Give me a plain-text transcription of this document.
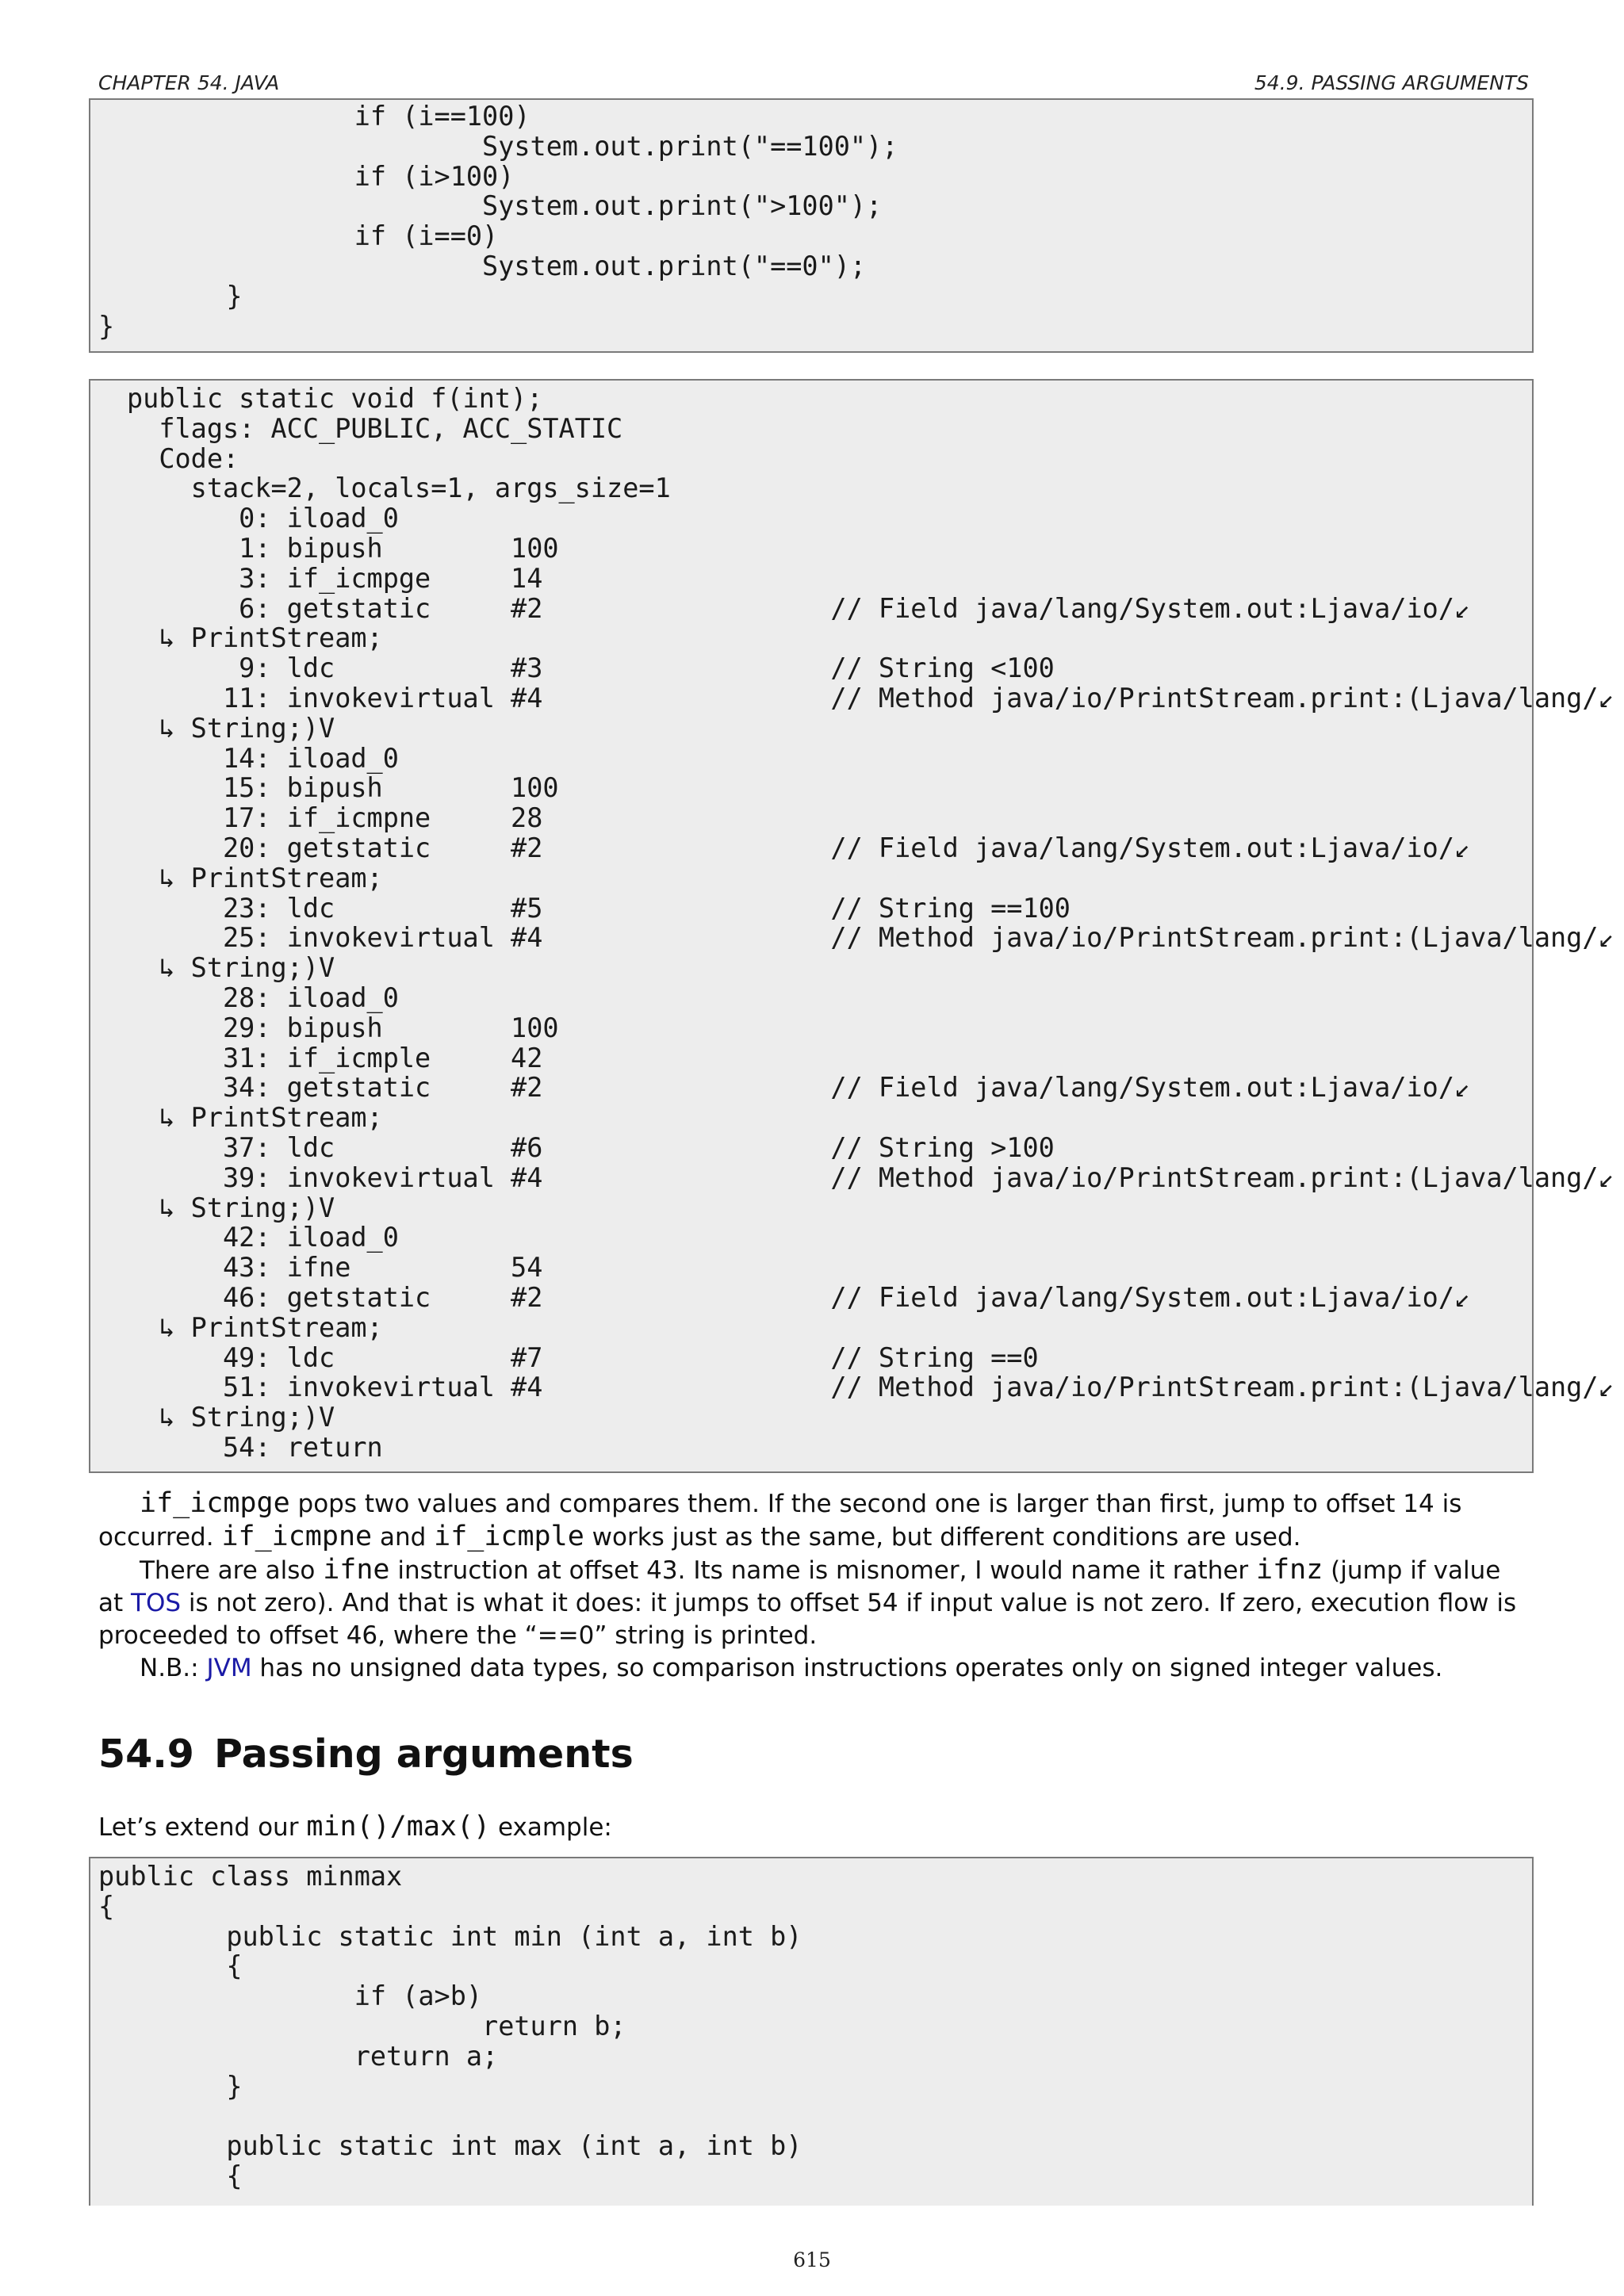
CHAPTER 54. JAVA	54.9. PASSING ARGUMENTS
if (i==100)
System.out.print("==100");
if (i>100)
System.out.print(">100");
if (i==0)
System.out.print("==0");
}
}
public static void f(int);
flags: ACC_PUBLIC, ACC_STATIC
Code:
stack=2, locals=1, args_size=1
0: iload_0
1: bipush        100
3: if_icmpge     14
6: getstatic     #2                  // Field java/lang/System.out:Ljava/io/↙
↳ PrintStream;
9: ldc           #3                  // String <100
11: invokevirtual #4                  // Method java/io/PrintStream.print:(Ljava/lang/↙
↳ String;)V
14: iload_0
15: bipush        100
17: if_icmpne     28
20: getstatic     #2                  // Field java/lang/System.out:Ljava/io/↙
↳ PrintStream;
23: ldc           #5                  // String ==100
25: invokevirtual #4                  // Method java/io/PrintStream.print:(Ljava/lang/↙
↳ String;)V
28: iload_0
29: bipush        100
31: if_icmple     42
34: getstatic     #2                  // Field java/lang/System.out:Ljava/io/↙
↳ PrintStream;
37: ldc           #6                  // String >100
39: invokevirtual #4                  // Method java/io/PrintStream.print:(Ljava/lang/↙
↳ String;)V
42: iload_0
43: ifne          54
46: getstatic     #2                  // Field java/lang/System.out:Ljava/io/↙
↳ PrintStream;
49: ldc           #7                  // String ==0
51: invokevirtual #4                  // Method java/io/PrintStream.print:(Ljava/lang/↙
↳ String;)V
54: return

if_icmpge pops two values and compares them. If the second one is larger than first, jump to offset 14 is occurred. if_icmpne and if_icmple works just as the same, but different conditions are used.

There are also ifne instruction at offset 43. Its name is misnomer, I would name it rather ifnz (jump if value at TOS is not zero). And that is what it does: it jumps to offset 54 if input value is not zero. If zero, execution flow is proceeded to offset 46, where the “==0” string is printed.

N.B.: JVM has no unsigned data types, so comparison instructions operates only on signed integer values.

54.9 Passing arguments

Let’s extend our min()/max() example:

public class minmax
{
public static int min (int a, int b)
{
if (a>b)
return b;
return a;
}

public static int max (int a, int b)
{
615
